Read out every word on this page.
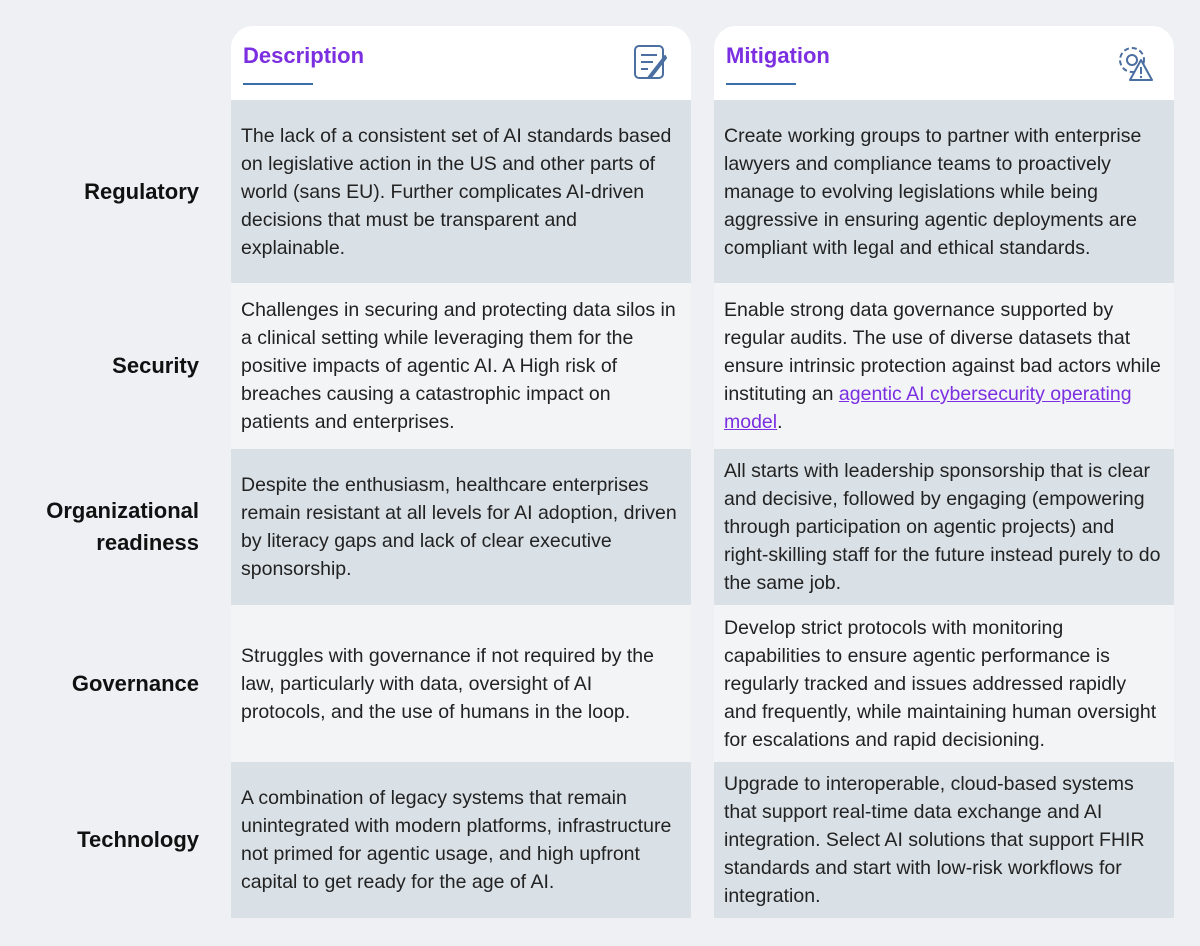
Regulatory
Security
Organizational readiness
Governance
Technology
Description
The lack of a consistent set of AI standards based on legislative action in the US and other parts of world (sans EU). Further complicates AI-driven decisions that must be transparent and explainable.
Challenges in securing and protecting data silos in a clinical setting while leveraging them for the positive impacts of agentic AI. A High risk of breaches causing a catastrophic impact on patients and enterprises.
Despite the enthusiasm, healthcare enterprises remain resistant at all levels for AI adoption, driven by literacy gaps and lack of clear executive sponsorship.
Struggles with governance if not required by the law, particularly with data, oversight of AI protocols, and the use of humans in the loop.
A combination of legacy systems that remain unintegrated with modern platforms, infrastructure not primed for agentic usage, and high upfront capital to get ready for the age of AI.
Mitigation
Create working groups to partner with enterprise lawyers and compliance teams to proactively manage to evolving legislations while being aggressive in ensuring agentic deployments are compliant with legal and ethical standards.
Enable strong data governance supported by regular audits. The use of diverse datasets that ensure intrinsic protection against bad actors while instituting an agentic AI cybersecurity operating model.
All starts with leadership sponsorship that is clear and decisive, followed by engaging (empowering through participation on agentic projects) and right-skilling staff for the future instead purely to do the same job.
Develop strict protocols with monitoring capabilities to ensure agentic performance is regularly tracked and issues addressed rapidly and frequently, while maintaining human oversight for escalations and rapid decisioning.
Upgrade to interoperable, cloud-based systems that support real-time data exchange and AI integration. Select AI solutions that support FHIR standards and start with low-risk workflows for integration.
